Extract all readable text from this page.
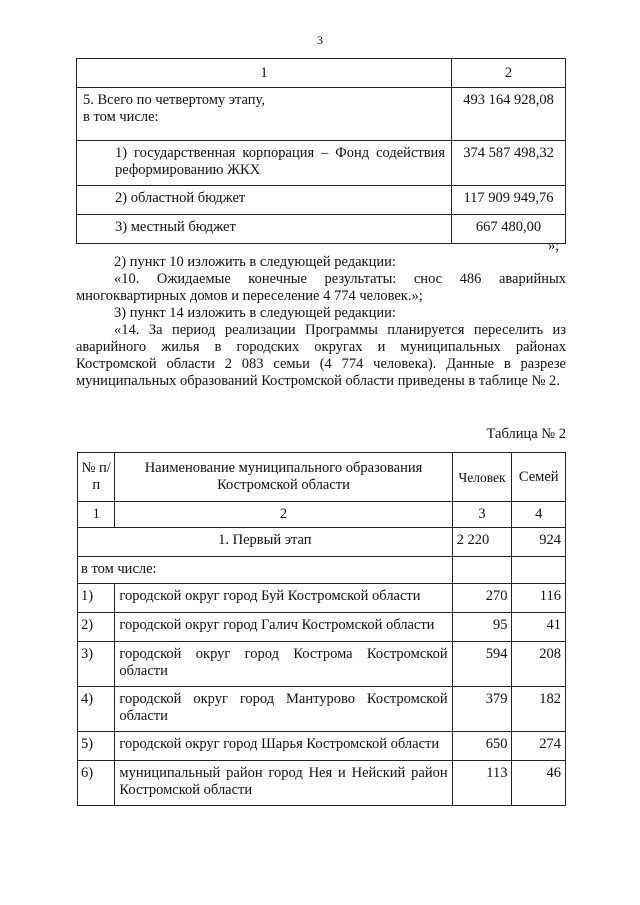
3
1	2

5. Всего по четвертому этапу,
в том числе:	493 164 928,08
1) государственная корпорация – Фонд содействия реформированию ЖКХ	374 587 498,32
2) областной бюджет	117 909 949,76
3) местный бюджет	667 480,00
»;

2) пункт 10 изложить в следующей редакции:

«10. Ожидаемые конечные результаты: снос 486 аварийных многоквартирных домов и переселение 4 774 человек.»;

3) пункт 14 изложить в следующей редакции:

«14. За период реализации Программы планируется переселить из аварийного жилья в городских округах и муниципальных районах Костромской области 2 083 семьи (4 774 человека). Данные в разрезе муниципальных образований Костромской области приведены в таблице № 2.

Таблица № 2
№ п/п	Наименование муниципального образования Костромской области	Человек	Семей
1	2	3	4
1. Первый этап		2 220	924
в том числе:			
1)	городской округ город Буй Костромской области	270	116
2)	городской округ город Галич Костромской области	95	41
3)	городской округ город Кострома Костромской области	594	208
4)	городской округ город Мантурово Костромской области	379	182
5)	городской округ город Шарья Костромской области	650	274
6)	муниципальный район город Нея и Нейский район Костромской области	113	46
